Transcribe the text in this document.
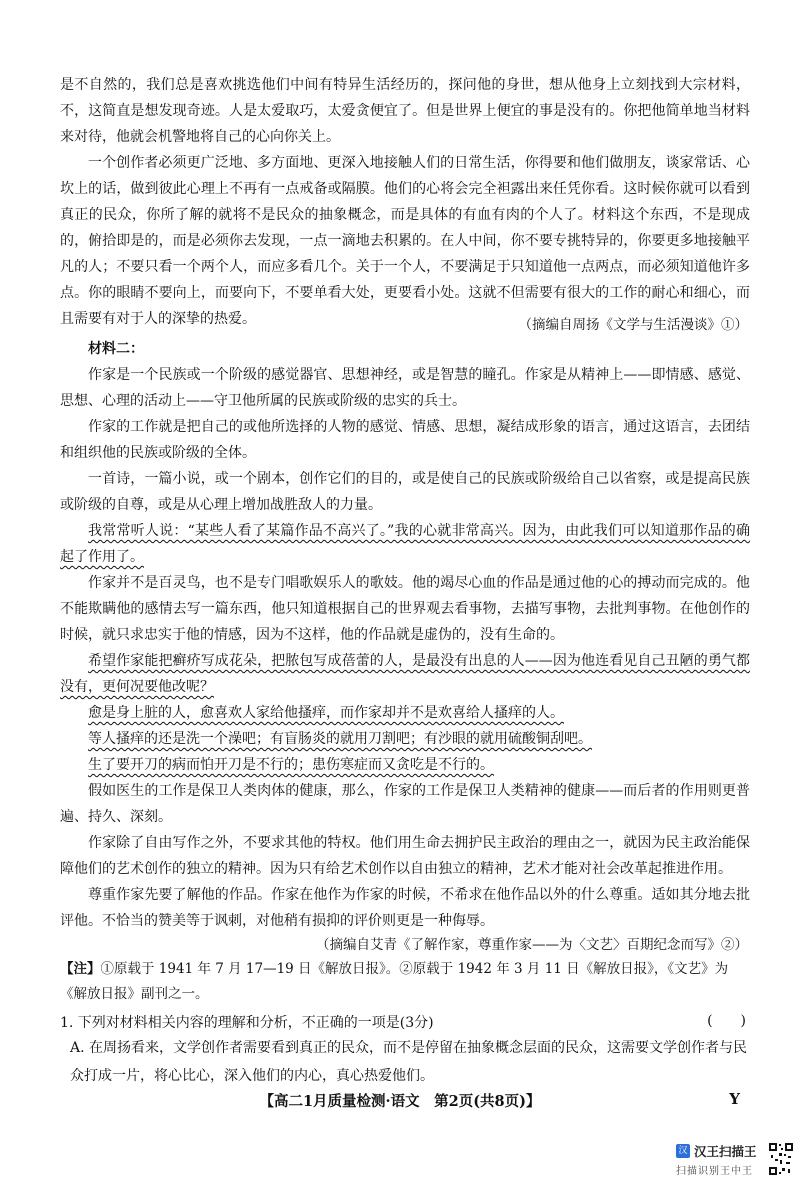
是不自然的，我们总是喜欢挑选他们中间有特异生活经历的，探问他的身世，想从他身上立刻找到大宗材料，不，这简直是想发现奇迹。人是太爱取巧，太爱贪便宜了。但是世界上便宜的事是没有的。你把他简单地当材料来对待，他就会机警地将自己的心向你关上。
一个创作者必须更广泛地、多方面地、更深入地接触人们的日常生活，你得要和他们做朋友，谈家常话、心坎上的话，做到彼此心理上不再有一点戒备或隔膜。他们的心将会完全袒露出来任凭你看。这时候你就可以看到真正的民众，你所了解的就将不是民众的抽象概念，而是具体的有血有肉的个人了。材料这个东西，不是现成的，俯拾即是的，而是必须你去发现，一点一滴地去积累的。在人中间，你不要专挑特异的，你要更多地接触平凡的人；不要只看一个两个人，而应多看几个。关于一个人，不要满足于只知道他一点两点，而必须知道他许多点。你的眼睛不要向上，而要向下，不要单看大处，更要看小处。这就不但需要有很大的工作的耐心和细心，而且需要有对于人的深挚的热爱。	（摘编自周扬《文学与生活漫谈》①）
材料二：
作家是一个民族或一个阶级的感觉器官、思想神经，或是智慧的瞳孔。作家是从精神上——即情感、感觉、思想、心理的活动上——守卫他所属的民族或阶级的忠实的兵士。
作家的工作就是把自己的或他所选择的人物的感觉、情感、思想，凝结成形象的语言，通过这语言，去团结和组织他的民族或阶级的全体。
一首诗，一篇小说，或一个剧本，创作它们的目的，或是使自己的民族或阶级给自己以省察，或是提高民族或阶级的自尊，或是从心理上增加战胜敌人的力量。
我常常听人说：“某些人看了某篇作品不高兴了。”我的心就非常高兴。因为，由此我们可以知道那作品的确起了作用了。
作家并不是百灵鸟，也不是专门唱歌娱乐人的歌妓。他的竭尽心血的作品是通过他的心的搏动而完成的。他不能欺瞒他的感情去写一篇东西，他只知道根据自己的世界观去看事物，去描写事物，去批判事物。在他创作的时候，就只求忠实于他的情感，因为不这样，他的作品就是虚伪的，没有生命的。
希望作家能把癣疥写成花朵，把脓包写成蓓蕾的人，是最没有出息的人——因为他连看见自己丑陋的勇气都没有，更何况要他改呢？
愈是身上脏的人，愈喜欢人家给他搔痒，而作家却并不是欢喜给人搔痒的人。
等人搔痒的还是洗一个澡吧；有盲肠炎的就用刀割吧；有沙眼的就用硫酸铜刮吧。
生了要开刀的病而怕开刀是不行的；患伤寒症而又贪吃是不行的。
假如医生的工作是保卫人类肉体的健康，那么，作家的工作是保卫人类精神的健康——而后者的作用则更普遍、持久、深刻。
作家除了自由写作之外，不要求其他的特权。他们用生命去拥护民主政治的理由之一，就因为民主政治能保障他们的艺术创作的独立的精神。因为只有给艺术创作以自由独立的精神，艺术才能对社会改革起推进作用。
尊重作家先要了解他的作品。作家在他作为作家的时候，不希求在他作品以外的什么尊重。适如其分地去批评他。不恰当的赞美等于讽刺，对他稍有损抑的评价则更是一种侮辱。
（摘编自艾青《了解作家，尊重作家——为〈文艺〉百期纪念而写》②）
【注】①原载于 1941 年 7 月 17—19 日《解放日报》。②原载于 1942 年 3 月 11 日《解放日报》，《文艺》为《解放日报》副刊之一。
1. 下列对材料相关内容的理解和分析，不正确的一项是(3分)	(　　)
A. 在周扬看来，文学创作者需要看到真正的民众，而不是停留在抽象概念层面的民众，这需要文学创作者与民众打成一片，将心比心，深入他们的内心，真心热爱他们。
【高二1月质量检测·语文　第2页(共8页)】	Y
汉 汉王扫描王
扫描识别王中王
